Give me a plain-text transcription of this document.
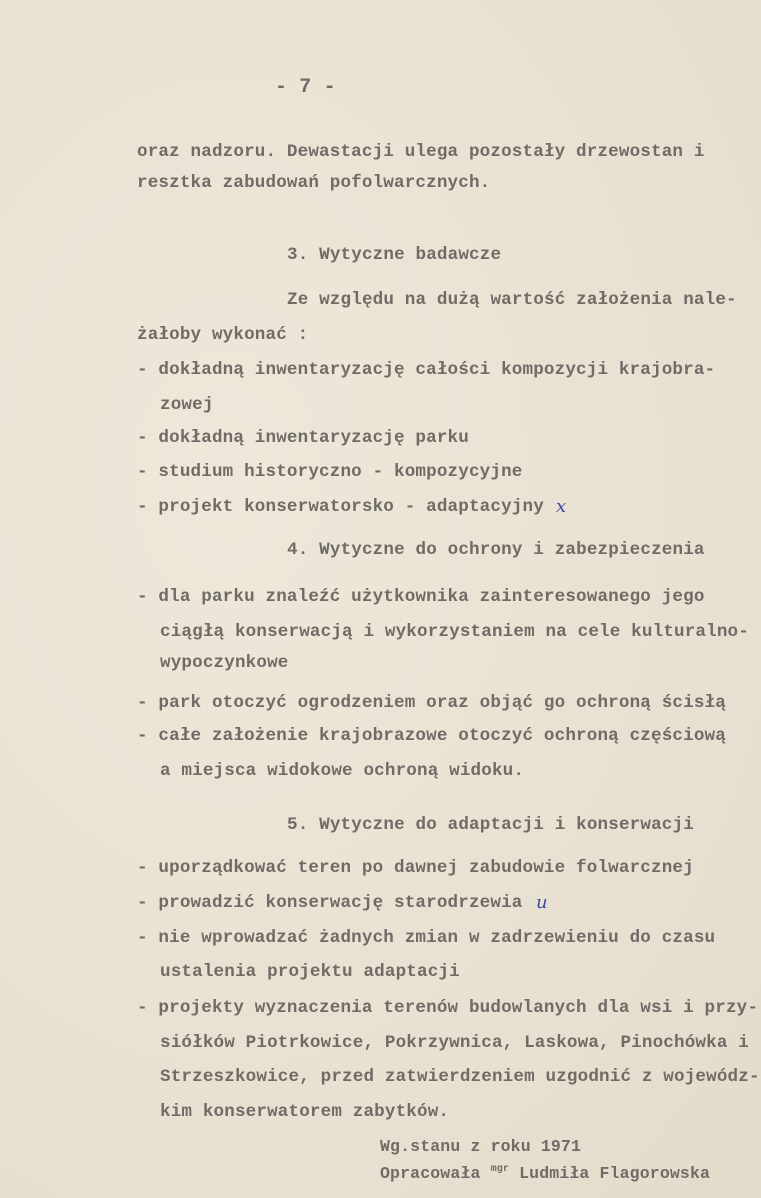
- 7 -
oraz nadzoru. Dewastacji ulega pozostały drzewostan i
resztka zabudowań pofolwarcznych.
3. Wytyczne badawcze
Ze względu na dużą wartość założenia nale-
żałoby wykonać :
- dokładną inwentaryzację całości kompozycji krajobra-
zowej
- dokładną inwentaryzację parku
- studium historyczno - kompozycyjne
- projekt konserwatorsko - adaptacyjny x
4. Wytyczne do ochrony i zabezpieczenia
- dla parku znaleźć użytkownika zainteresowanego jego
ciągłą konserwacją i wykorzystaniem na cele kulturalno-
wypoczynkowe
- park otoczyć ogrodzeniem oraz objąć go ochroną ścisłą
- całe założenie krajobrazowe otoczyć ochroną częściową
a miejsca widokowe ochroną widoku.
5. Wytyczne do adaptacji i konserwacji
- uporządkować teren po dawnej zabudowie folwarcznej
- prowadzić konserwację starodrzewia u
- nie wprowadzać żadnych zmian w zadrzewieniu do czasu
ustalenia projektu adaptacji
- projekty wyznaczenia terenów budowlanych dla wsi i przy-
siółków Piotrkowice, Pokrzywnica, Laskowa, Pinochówka i
Strzeszkowice, przed zatwierdzeniem uzgodnić z wojewódz-
kim konserwatorem zabytków.
Wg.stanu z roku 1971
Opracowała $^{mgr}$ Ludmiła Flagorowska
